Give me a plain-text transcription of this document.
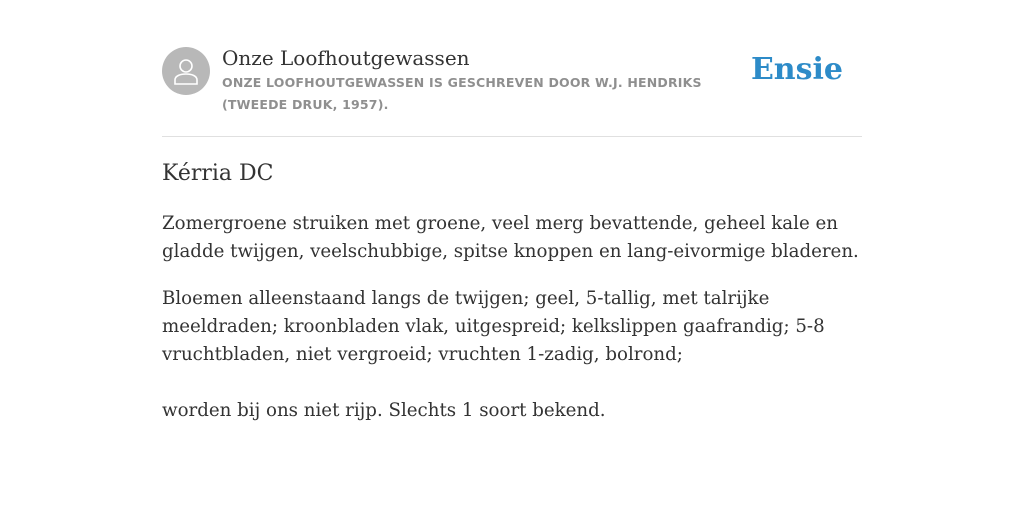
Onze Loofhoutgewassen
ONZE LOOFHOUTGEWASSEN IS GESCHREVEN DOOR W.J. HENDRIKS (TWEEDE DRUK, 1957).
Ensie
Kérria DC

Zomergroene struiken met groene, veel merg bevattende, geheel kale en gladde twijgen, veelschubbige, spitse knoppen en lang-eivormige bladeren.

Bloemen alleenstaand langs de twijgen; geel, 5-tallig, met talrijke meeldraden; kroonbladen vlak, uitgespreid; kelkslippen gaafrandig; 5-8 vruchtbladen, niet vergroeid; vruchten 1-zadig, bolrond;

worden bij ons niet rijp. Slechts 1 soort bekend.
